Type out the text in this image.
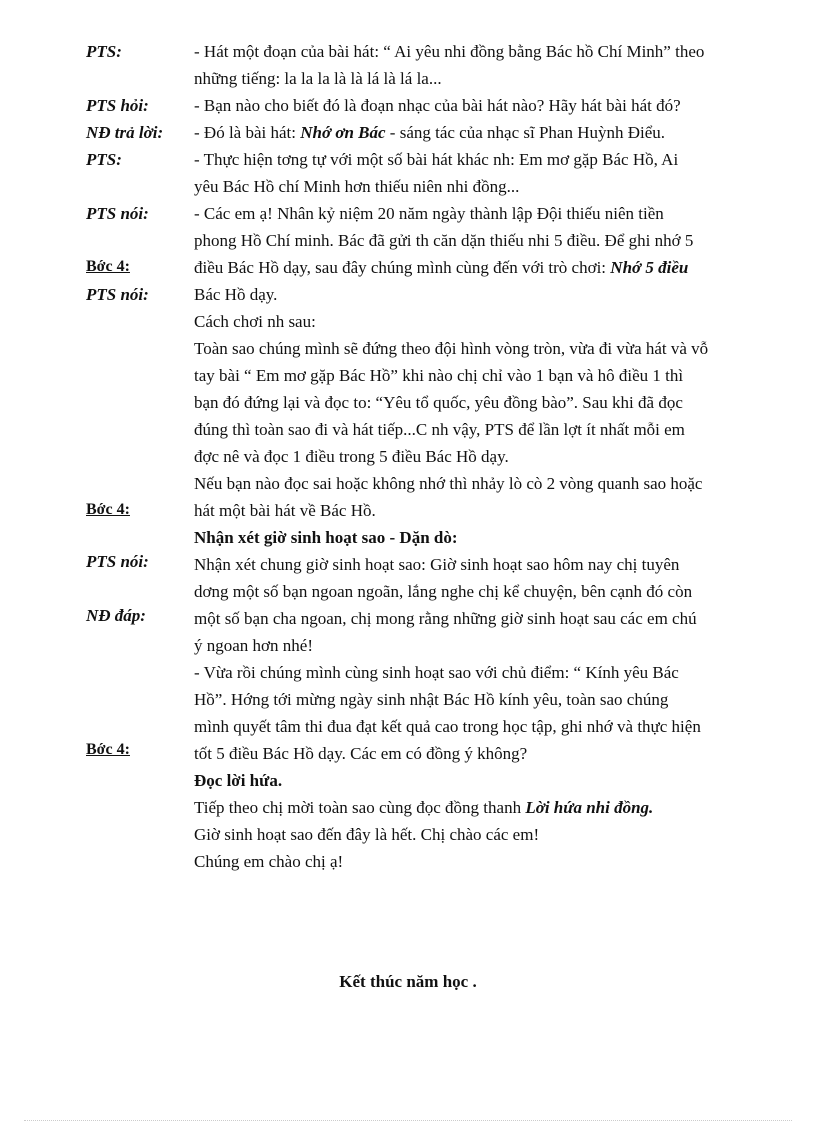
PTS:
PTS hỏi:
NĐ trả lời:
PTS:
PTS nói:
Bớc 4:
PTS nói:
Bớc 4:
PTS nói:
NĐ đáp:
Bớc 4:
- Hát một đoạn của bài hát: “ Ai yêu nhi đồng bằng Bác hồ Chí Minh” theo
những tiếng: la la la là là lá là lá la...
- Bạn nào cho biết đó là đoạn nhạc của bài hát nào? Hãy hát bài hát đó?
- Đó là bài hát: Nhớ ơn Bác - sáng tác của nhạc sĩ Phan Huỳnh Điểu.
- Thực hiện tơng tự với một số bài hát khác nh: Em mơ gặp Bác Hồ, Ai
yêu Bác Hồ chí Minh hơn thiếu niên nhi đồng...
- Các em ạ! Nhân kỷ niệm 20 năm ngày thành lập Đội thiếu niên tiền
phong Hồ Chí minh. Bác đã gửi th căn dặn thiếu nhi 5 điều. Để ghi nhớ 5
điều Bác Hồ dạy, sau đây chúng mình cùng đến với trò chơi: Nhớ 5 điều
Bác Hồ dạy.
Cách chơi nh sau:
Toàn sao chúng mình sẽ đứng theo đội hình vòng tròn, vừa đi vừa hát và vỗ
tay bài “ Em mơ gặp Bác Hồ” khi nào chị chỉ vào 1 bạn và hô điều 1 thì
bạn đó đứng lại và đọc to: “Yêu tổ quốc, yêu đồng bào”. Sau khi đã đọc
đúng thì toàn sao đi và hát tiếp...C nh vậy, PTS để lần lợt ít nhất mỗi em
đợc nê và đọc 1 điều trong 5 điều Bác Hồ dạy.
Nếu bạn nào đọc sai hoặc không nhớ thì nhảy lò cò 2 vòng quanh sao hoặc
hát một bài hát về Bác Hồ.
Nhận xét giờ sinh hoạt sao - Dặn dò:
Nhận xét chung giờ sinh hoạt sao: Giờ sinh hoạt sao hôm nay chị tuyên
dơng một số bạn ngoan ngoãn, lắng nghe chị kể chuyện, bên cạnh đó còn
một số bạn cha ngoan, chị mong rằng những giờ sinh hoạt sau các em chú
ý ngoan hơn nhé!
- Vừa rồi chúng mình cùng sinh hoạt sao với chủ điểm: “ Kính yêu Bác
Hồ”. Hớng tới mừng ngày sinh nhật Bác Hồ kính yêu, toàn sao chúng
mình quyết tâm thi đua đạt kết quả cao trong học tập, ghi nhớ và thực hiện
tốt 5 điều Bác Hồ dạy. Các em có đồng ý không?
Đọc lời hứa.
Tiếp theo chị mời toàn sao cùng đọc đồng thanh Lời hứa nhi đồng.
Giờ sinh hoạt sao đến đây là hết. Chị chào các em!
Chúng em chào chị ạ!
Kết thúc năm học .
